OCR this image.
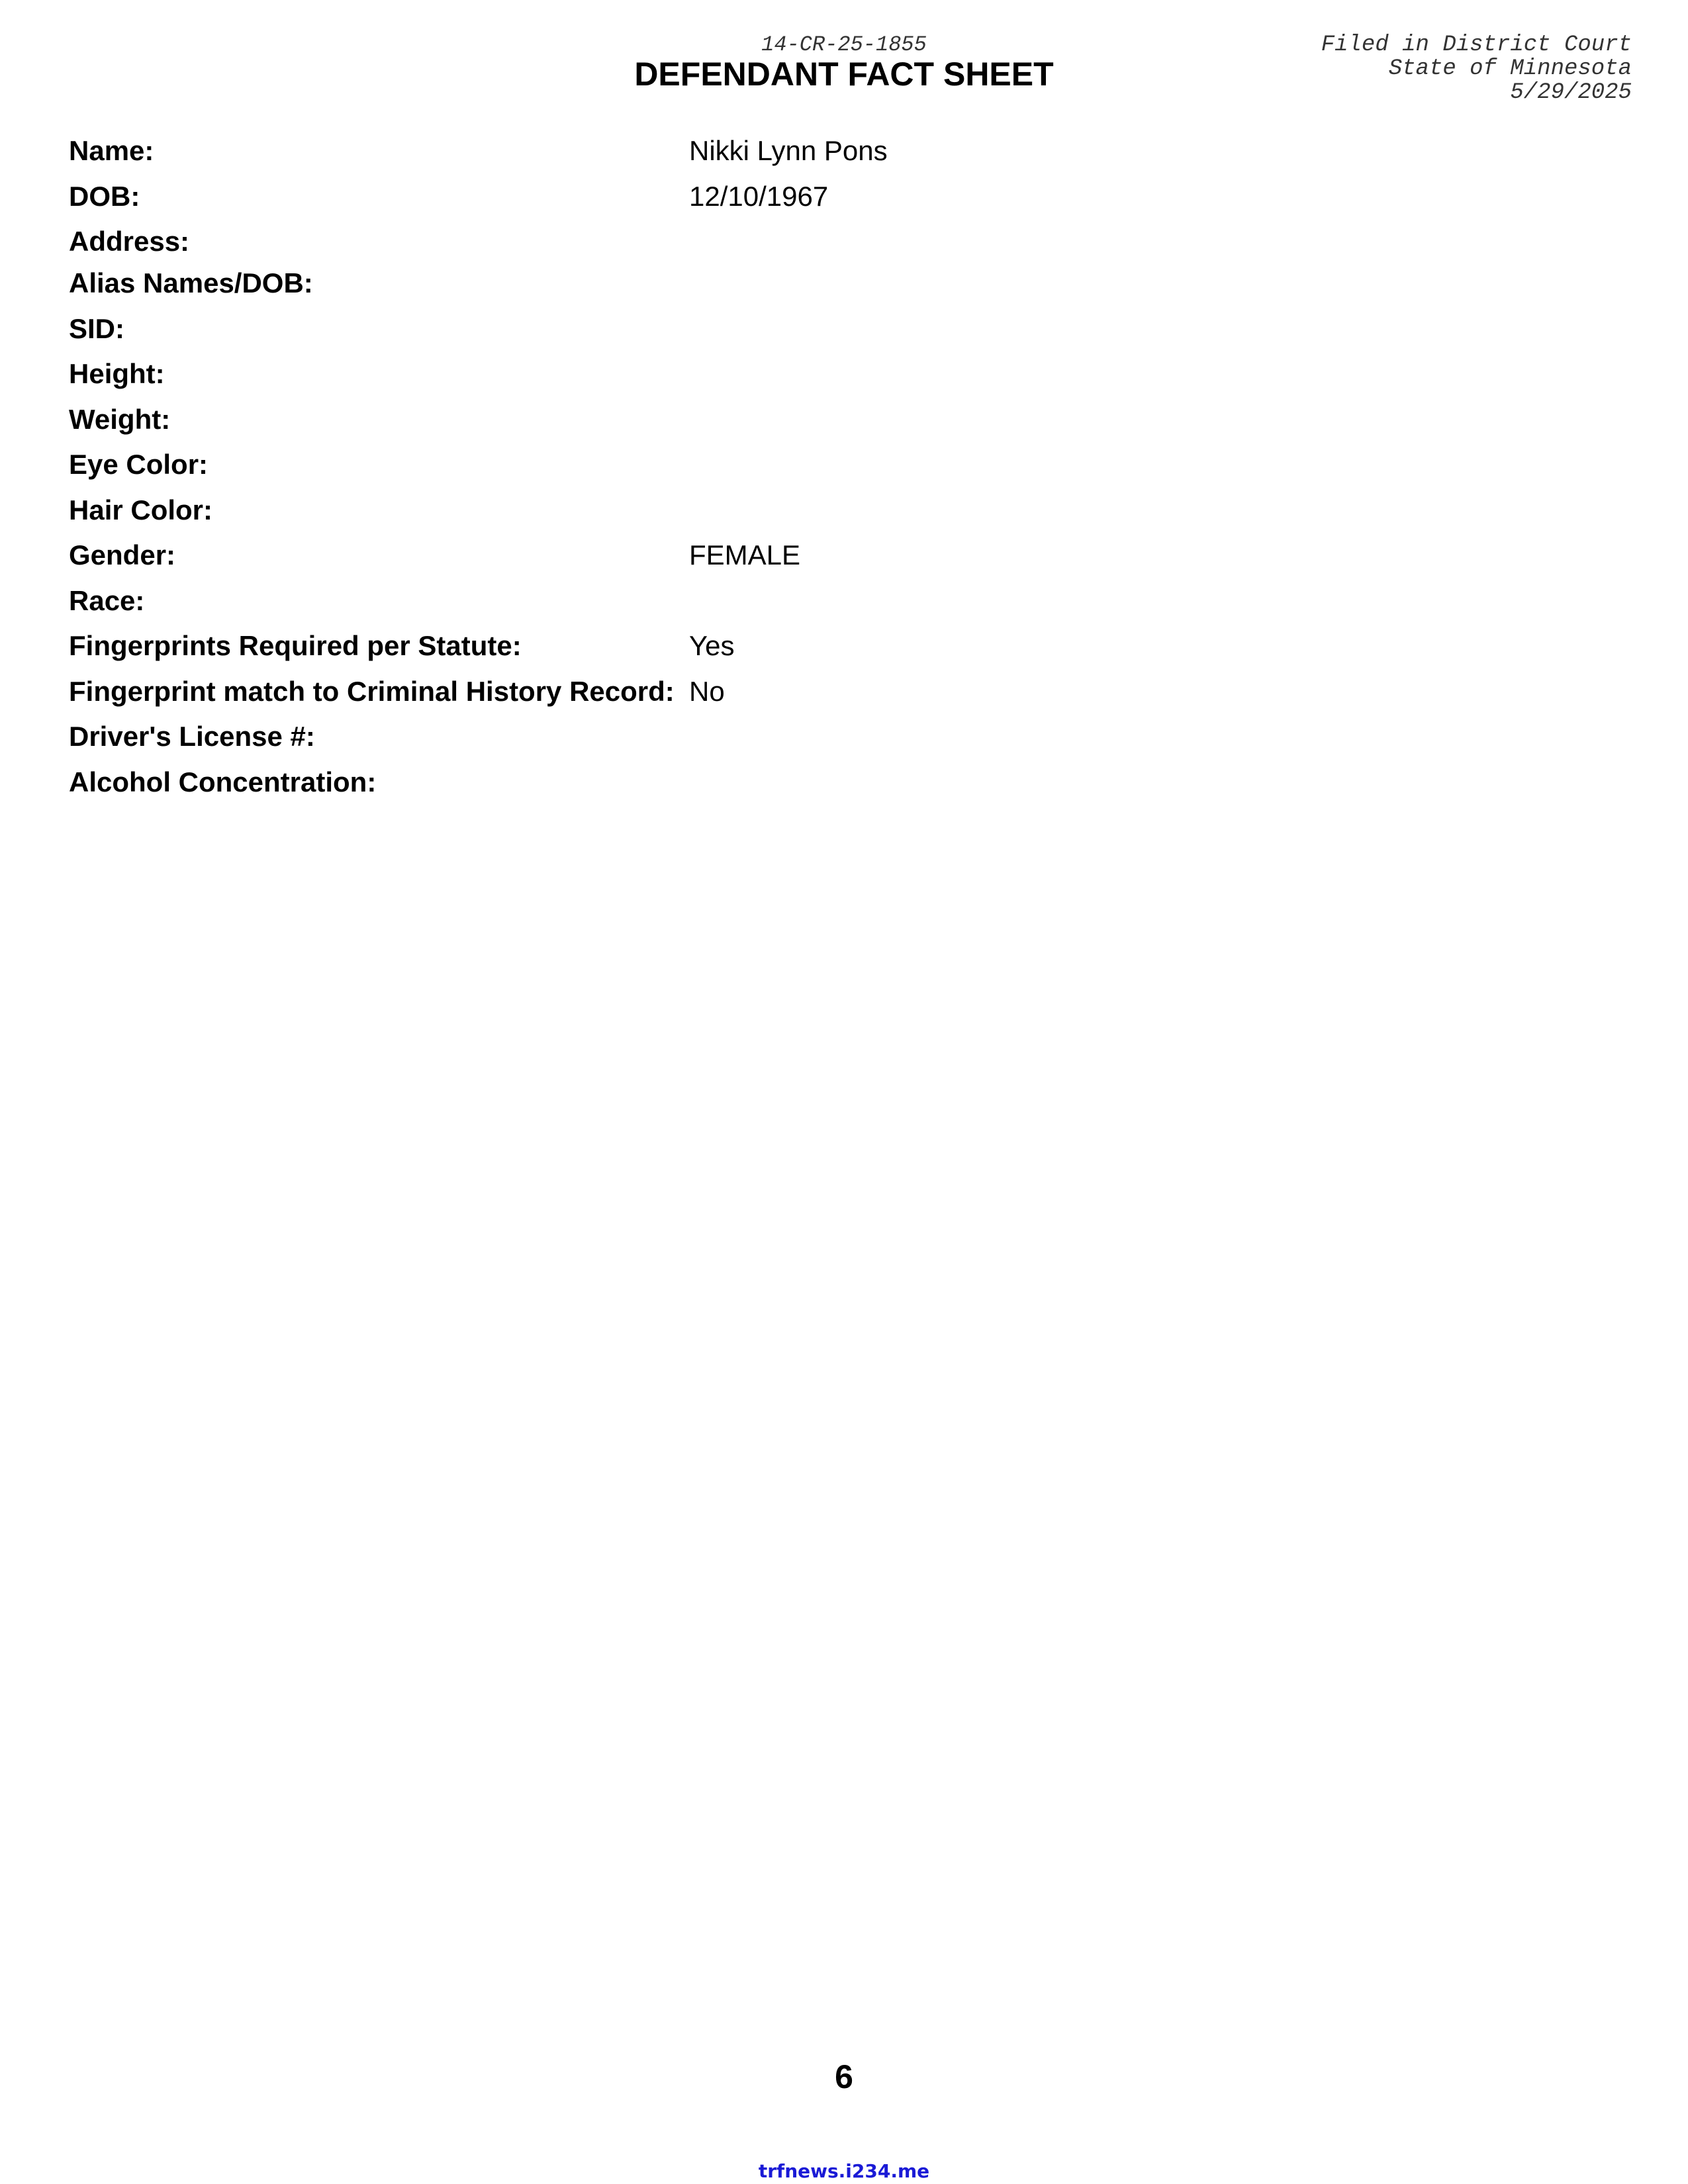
14-CR-25-1855
DEFENDANT FACT SHEET
Filed in District Court
State of Minnesota
5/29/2025
Name:	Nikki Lynn Pons
DOB:	12/10/1967
Address:
Alias Names/DOB:
SID:
Height:
Weight:
Eye Color:
Hair Color:
Gender:	FEMALE
Race:
Fingerprints Required per Statute:	Yes
Fingerprint match to Criminal History Record: No
Driver's License #:
Alcohol Concentration:
6
trfnews.i234.me
